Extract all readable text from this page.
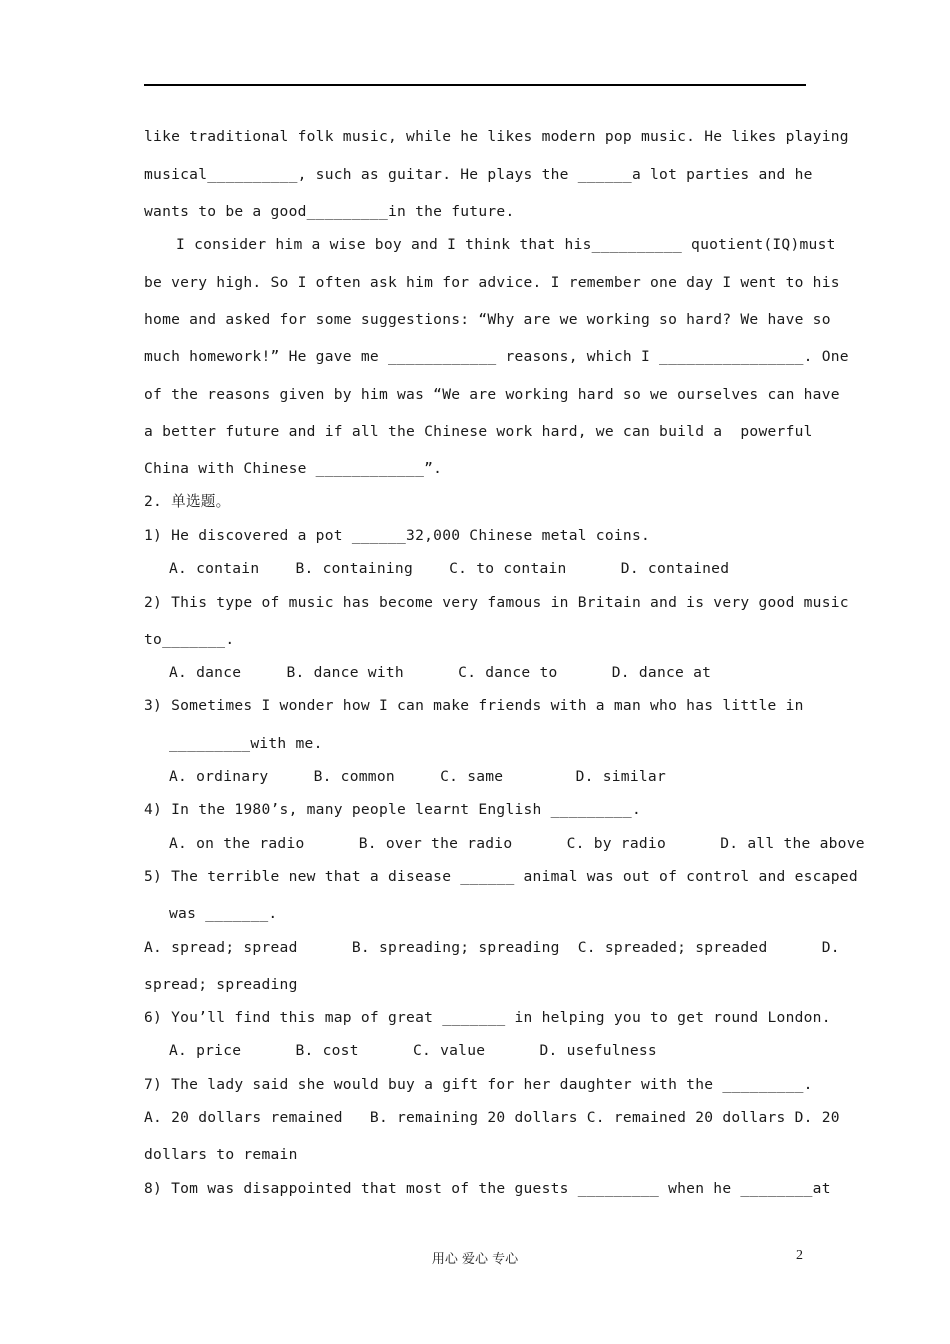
like traditional folk music, while he likes modern pop music. He likes playing
musical__________, such as guitar. He plays the ______a lot parties and he
wants to be a good_________in the future.
I consider him a wise boy and I think that his__________ quotient(IQ)must
be very high. So I often ask him for advice. I remember one day I went to his
home and asked for some suggestions: “Why are we working so hard? We have so
much homework!” He gave me ____________ reasons, which I ________________. One
of the reasons given by him was “We are working hard so we ourselves can have
a better future and if all the Chinese work hard, we can build a  powerful
China with Chinese ____________”.
2. 单选题。
1) He discovered a pot ______32,000 Chinese metal coins.
A. contain    B. containing    C. to contain      D. contained
2) This type of music has become very famous in Britain and is very good music
to_______.
A. dance     B. dance with      C. dance to      D. dance at
3) Sometimes I wonder how I can make friends with a man who has little in
_________with me.
A. ordinary     B. common     C. same        D. similar
4) In the 1980’s, many people learnt English _________.
A. on the radio      B. over the radio      C. by radio      D. all the above
5) The terrible new that a disease ______ animal was out of control and escaped
was _______.
A. spread; spread      B. spreading; spreading  C. spreaded; spreaded      D.
spread; spreading
6) You’ll find this map of great _______ in helping you to get round London.
A. price      B. cost      C. value      D. usefulness
7) The lady said she would buy a gift for her daughter with the _________.
A. 20 dollars remained   B. remaining 20 dollars C. remained 20 dollars D. 20
dollars to remain
8) Tom was disappointed that most of the guests _________ when he ________at
用心 爱心 专心	2
